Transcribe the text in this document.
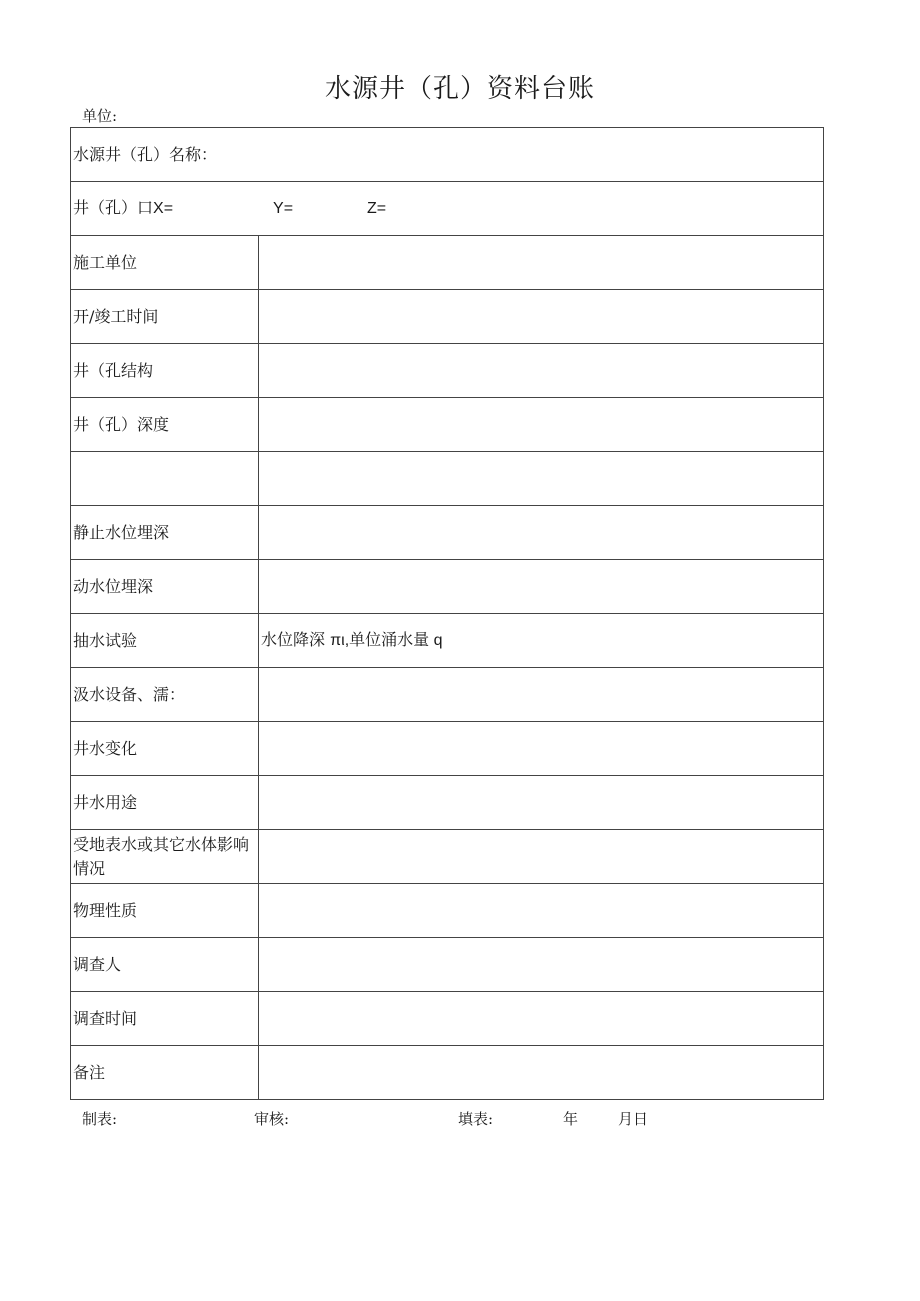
水源井（孔）资料台账
单位:
水源井（孔）名称：	
井（孔）口X= Y= Z=	
施工单位	
开/竣工时间	
井（孔结构	
井（孔）深度	

静止水位埋深	
动水位埋深	
抽水试验	水位降深 πι,单位涌水量 q
汲水设备、濡：	
井水变化	
井水用途	
受地表水或其它水体影响情况	
物理性质	
调查人	
调查时间	
备注	
制表:	审核:	填表:	年	月日
